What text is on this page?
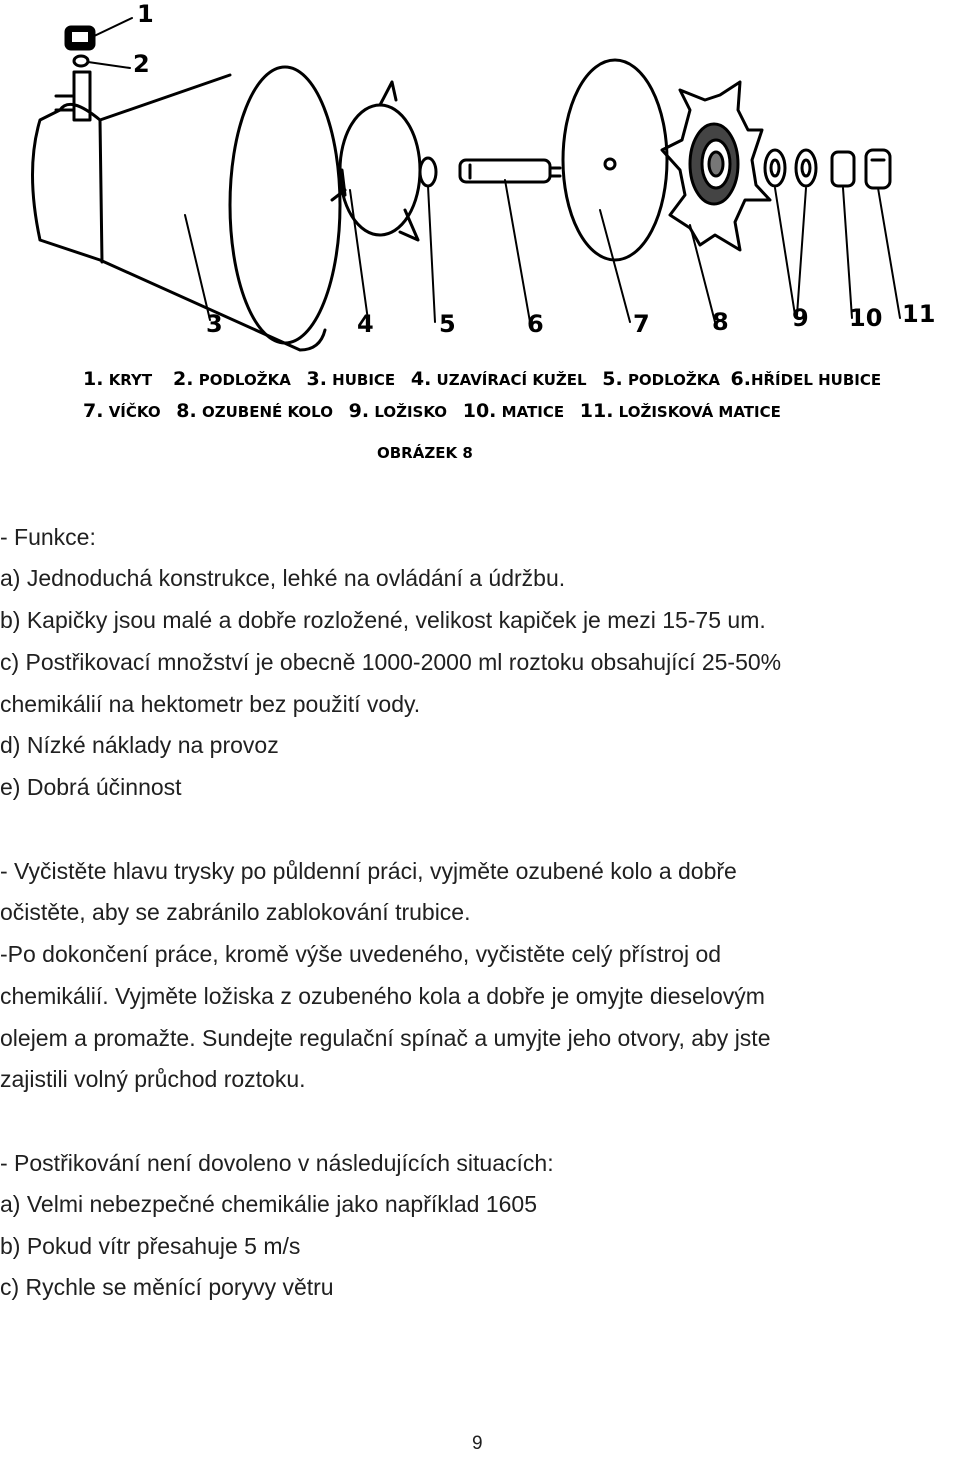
1
2
3	4	5	6	7	8	9 10 11
1. KRYT 2. PODLOŽKA 3. HUBICE 4. UZAVÍRACÍ KUŽEL 5. PODLOŽKA 6.HŘÍDEL HUBICE
7. VÍČKO 8. OZUBENÉ KOLO 9. LOŽISKO 10. MATICE 11. LOŽISKOVÁ MATICE
OBRÁZEK 8
- Funkce:
a) Jednoduchá konstrukce, lehké na ovládání a údržbu.
b) Kapičky jsou malé a dobře rozložené, velikost kapiček je mezi 15-75 um.
c) Postřikovací množství je obecně 1000-2000 ml roztoku obsahující 25-50%
chemikálií na hektometr bez použití vody.
d) Nízké náklady na provoz
e) Dobrá účinnost
- Vyčistěte hlavu trysky po půldenní práci, vyjměte ozubené kolo a dobře
očistěte, aby se zabránilo zablokování trubice.
-Po dokončení práce, kromě výše uvedeného, vyčistěte celý přístroj od
chemikálií. Vyjměte ložiska z ozubeného kola a dobře je omyjte dieselovým
olejem a promažte. Sundejte regulační spínač a umyjte jeho otvory, aby jste
zajistili volný průchod roztoku.
- Postřikování není dovoleno v následujících situacích:
a) Velmi nebezpečné chemikálie jako například 1605
b) Pokud vítr přesahuje 5 m/s
c) Rychle se měnící poryvy větru
9
